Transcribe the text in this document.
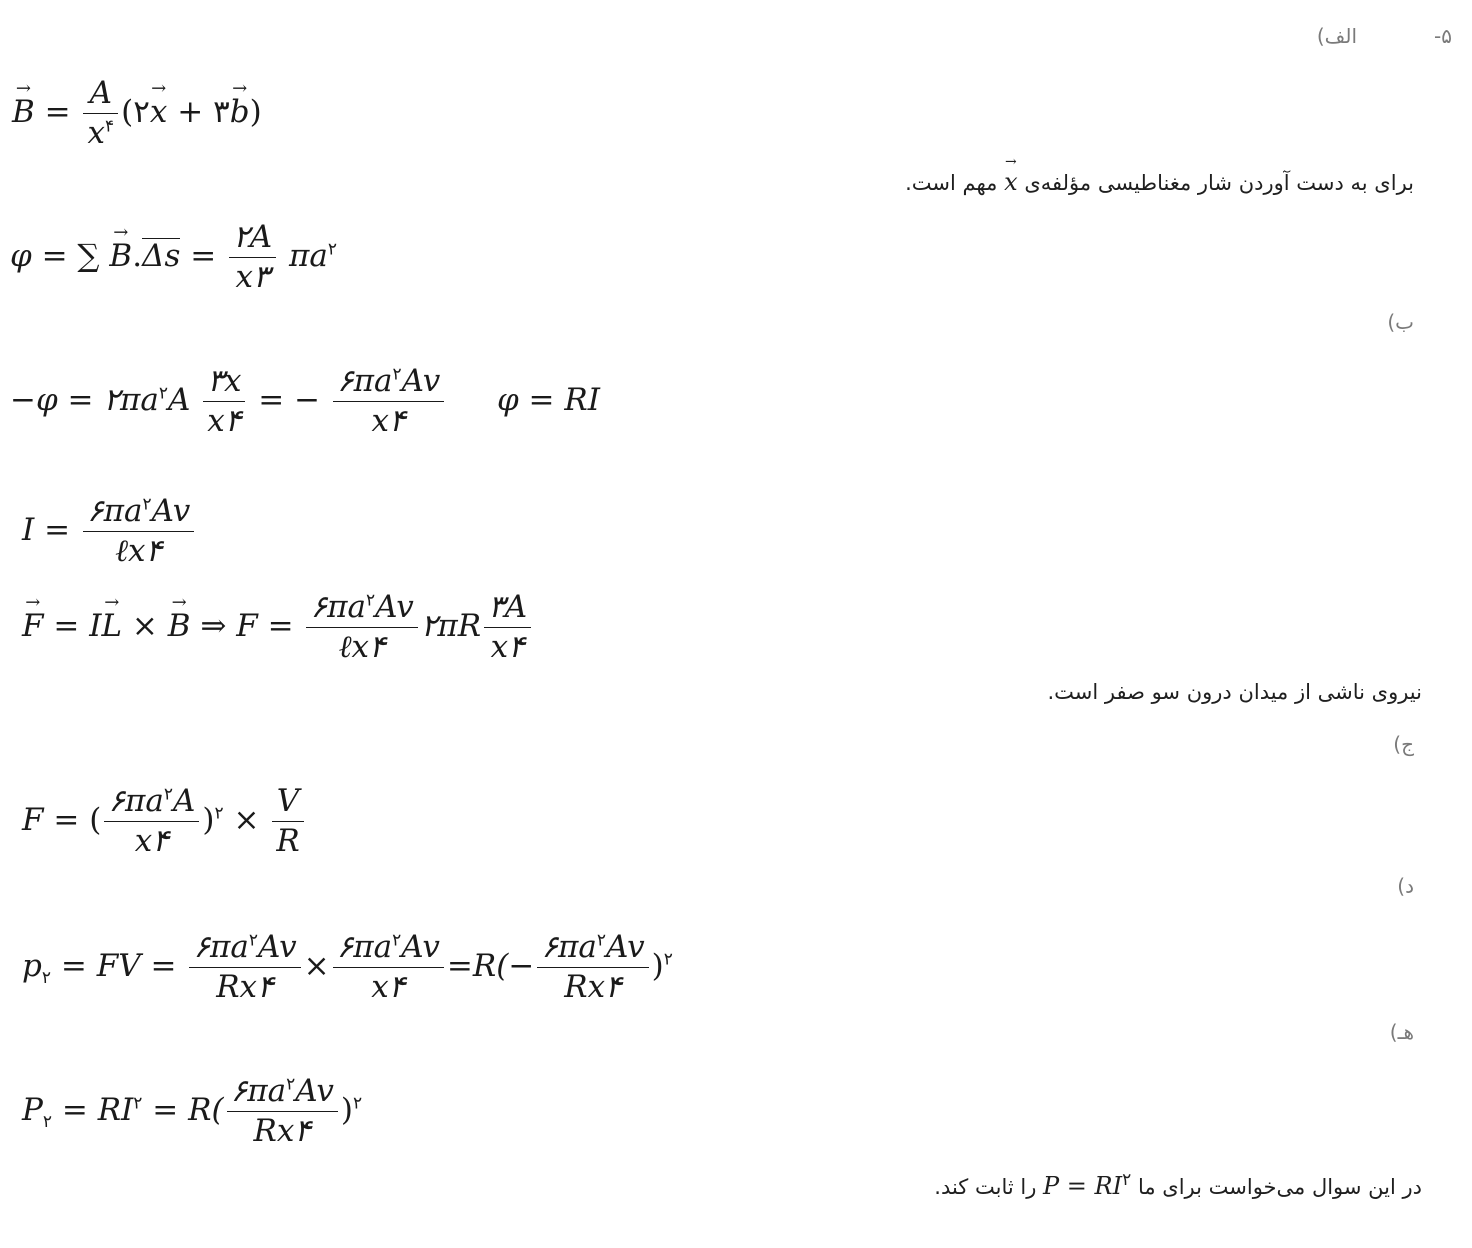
۵-
الف)
→ $B = \frac{A}{x^۴}$ (۲→ x + ۳→ b)
برای به دست آوردن شار مغناطیسی مؤلفه‌ی → x مهم است.
φ = ∑ → $B.\Delta s = \frac{۲A}{x۳} \pi a^۲$
ب)
$-\varphi = ۲\pi a^۲A \frac{۳x}{x۴}$ = − $\frac{۶\pi a^۲Av}{x۴}$ φ = RI
$I = \frac{۶\pi a^۲Av}{\text{ℓx۴}}$
→ F = I→ L × → B ⇒ $F = \frac{۶\pi a^۲Av}{\text{ℓx۴}}$ ۲πR $\frac{۳A}{x۴}$
نیروی ناشی از میدان درون سو صفر است.
ج)
F = ( $\frac{۶\pi a^۲A}{x۴} )^۲ \times \frac{V}{R}$
د)
$p_۲$ = FV = $\frac{۶\pi a^۲Av}{Rx۴} \times \frac{۶\pi a^۲Av}{x۴} =R(- \frac{۶\pi a^۲Av}{Rx۴} )^۲$
هـ)
$P_۲ = RI^۲ = R( \frac{۶\pi a^۲Av}{Rx۴} )^۲$
در این سوال می‌خواست برای ما $P = RI^۲$ را ثابت کند.
